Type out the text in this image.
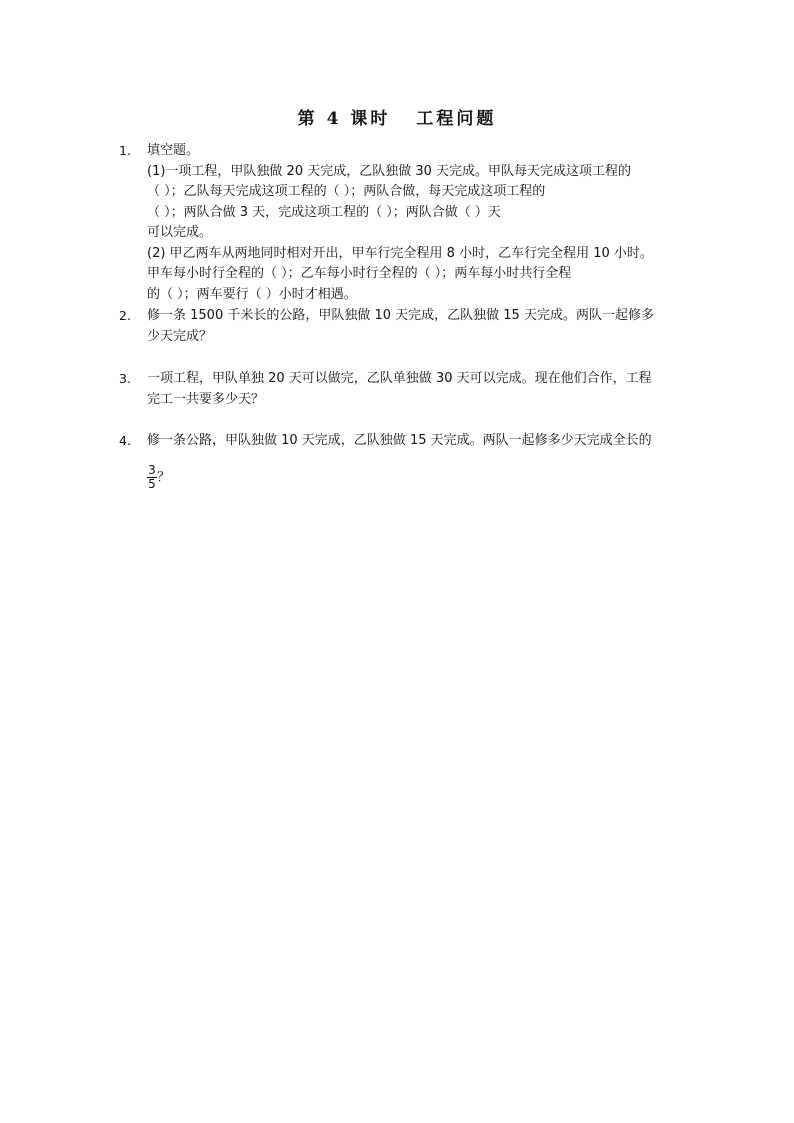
第 4 课时 工程问题
1.	填空题。
(1)一项工程，甲队独做 20 天完成，乙队独做 30 天完成。甲队每天完成这项工程的
（ ）；乙队每天完成这项工程的（ ）；两队合做，每天完成这项工程的
（ ）；两队合做 3 天，完成这项工程的（ ）；两队合做（ ）天
可以完成。
(2) 甲乙两车从两地同时相对开出，甲车行完全程用 8 小时，乙车行完全程用 10 小时。
甲车每小时行全程的（ ）；乙车每小时行全程的（ ）；两车每小时共行全程
的（ ）；两车要行（ ）小时才相遇。
2.	修一条 1500 千米长的公路，甲队独做 10 天完成，乙队独做 15 天完成。两队一起修多
少天完成？
3.	一项工程，甲队单独 20 天可以做完，乙队单独做 30 天可以完成。现在他们合作，工程
完工一共要多少天？
4.	修一条公路，甲队独做 10 天完成，乙队独做 15 天完成。两队一起修多少天完成全长的
$\frac{3}{5}$ ？
